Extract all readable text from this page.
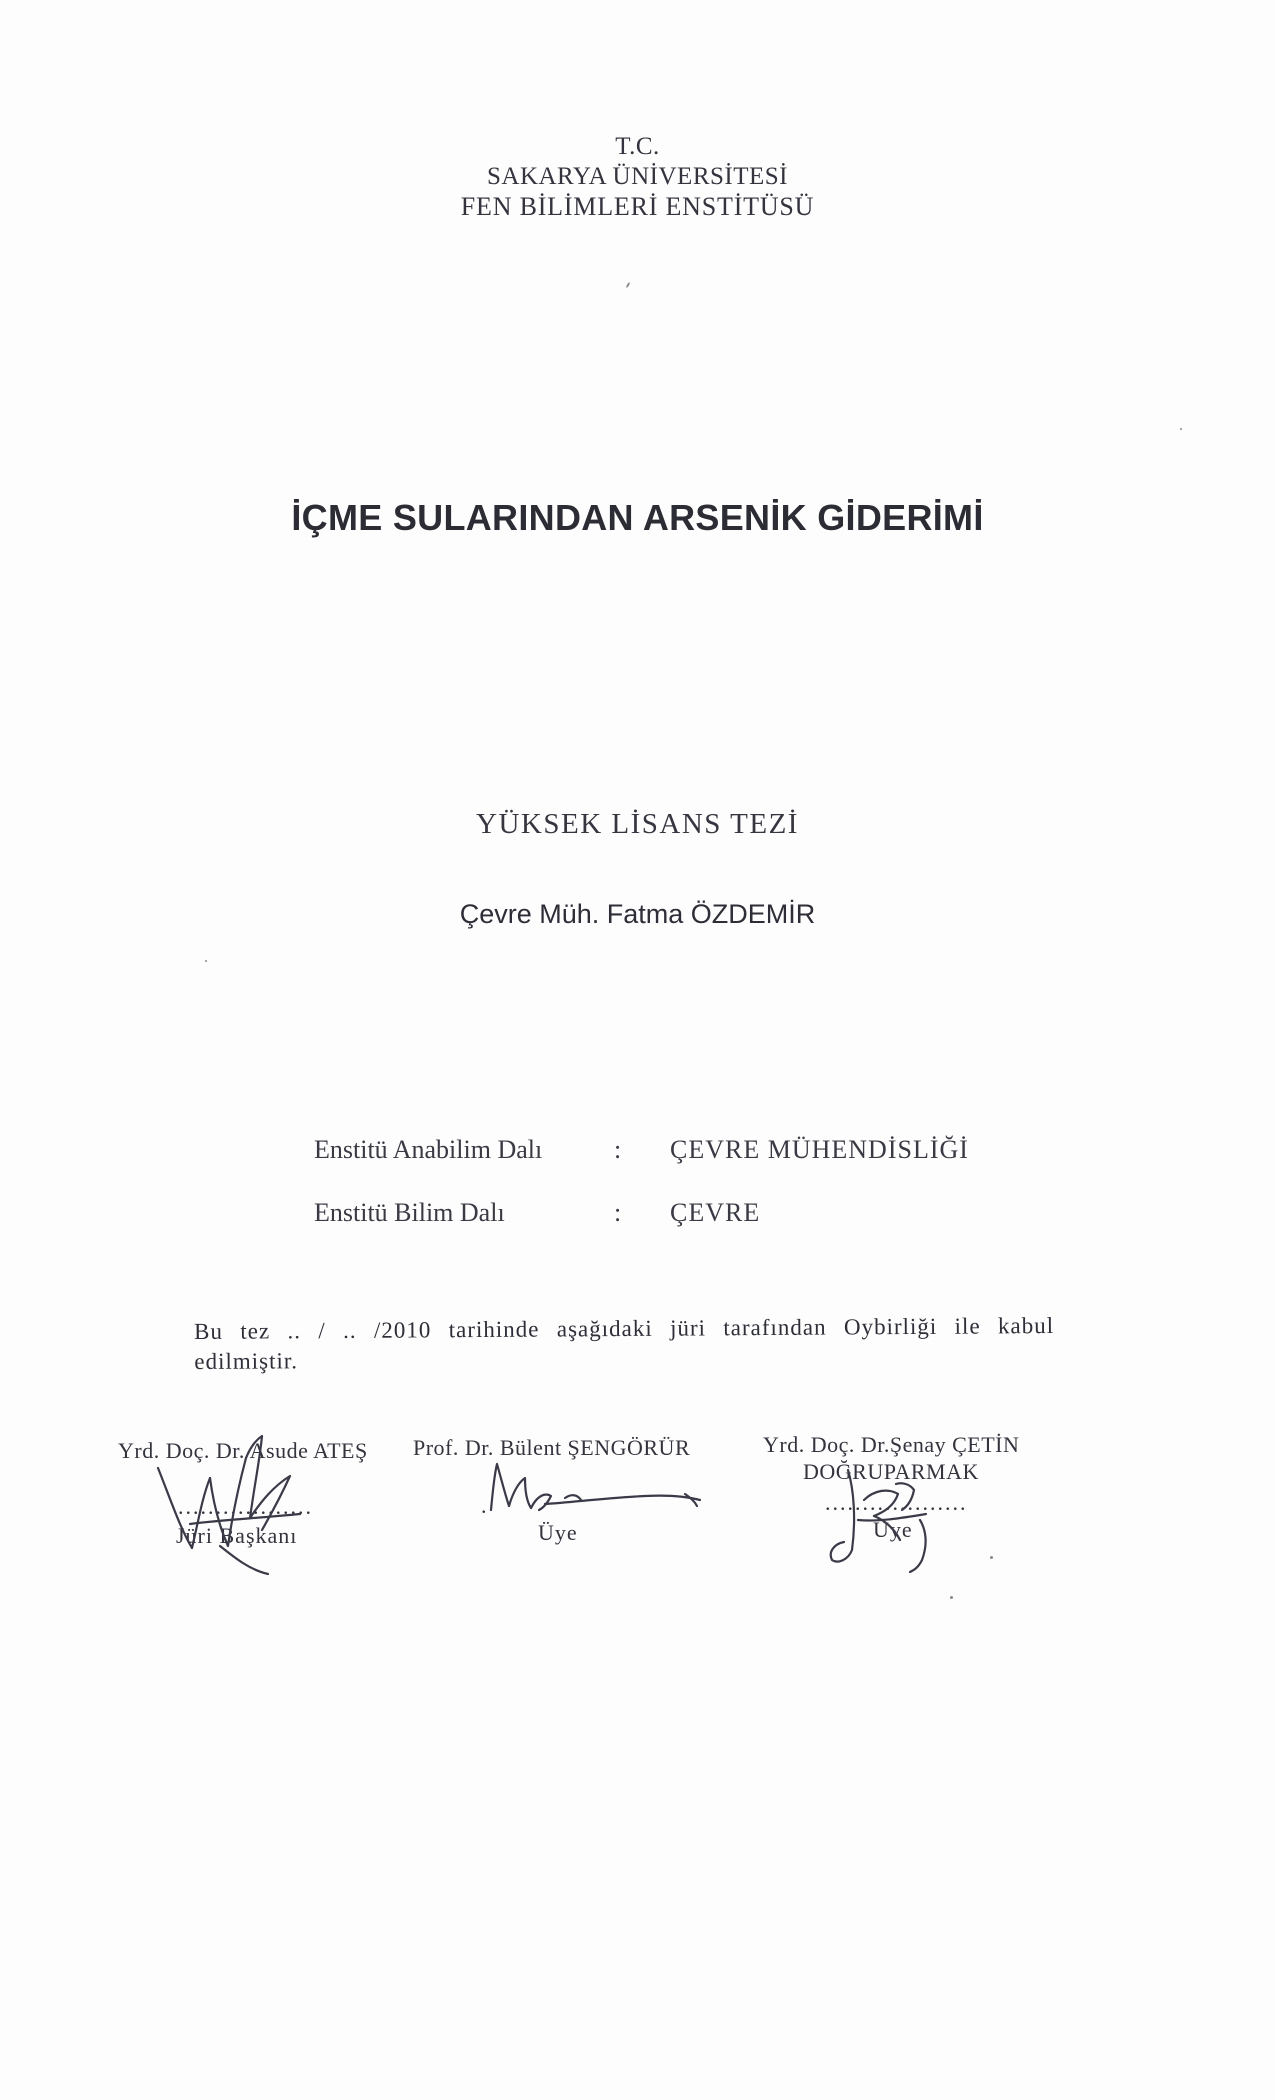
T.C.
SAKARYA ÜNİVERSİTESİ
FEN BİLİMLERİ ENSTİTÜSÜ
İÇME SULARINDAN ARSENİK GİDERİMİ
YÜKSEK LİSANS TEZİ
Çevre Müh. Fatma ÖZDEMİR
Enstitü Anabilim Dalı	: ÇEVRE MÜHENDİSLİĞİ
Enstitü Bilim Dalı	: ÇEVRE
Bu tez .. / .. /2010 tarihinde aşağıdaki jüri tarafından Oybirliği ile kabul
edilmiştir.
Yrd. Doç. Dr. Asude ATEŞ
..................
Jüri Başkanı
Prof. Dr. Bülent ŞENGÖRÜR
.
Üye
Yrd. Doç. Dr.Şenay ÇETİN
DOĞRUPARMAK
...................
Üye
